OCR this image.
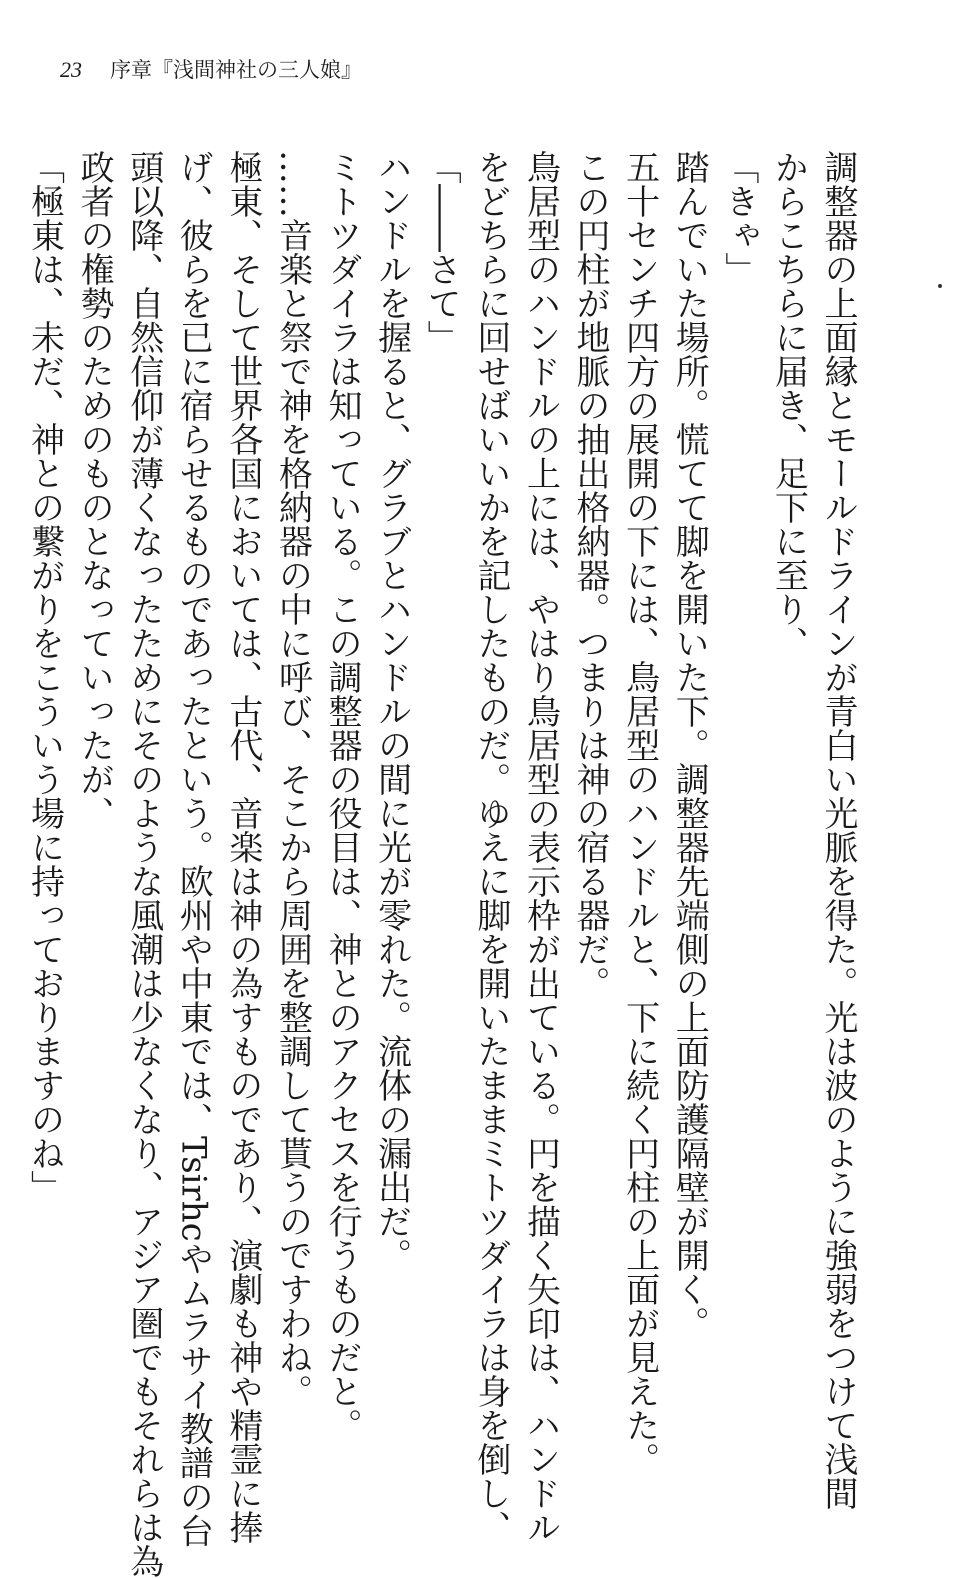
23 序章『浅間神社の三人娘』
調整器の上面縁とモールドラインが青白い光脈を得た。光は波のように強弱をつけて浅間
からこちらに届き、足下に至り、
「きゃ」
踏んでいた場所。慌てて脚を開いた下。調整器先端側の上面防護隔壁が開く。
五十センチ四方の展開の下には、鳥居型のハンドルと、下に続く円柱の上面が見えた。
この円柱が地脈の抽出格納器。つまりは神の宿る器だ。
鳥居型のハンドルの上には、やはり鳥居型の表示枠が出ている。円を描く矢印は、ハンドル
をどちらに回せばいいかを記したものだ。ゆえに脚を開いたままミトツダイラは身を倒し、
「――さて」
ハンドルを握ると、グラブとハンドルの間に光が零れた。流体の漏出だ。
ミトツダイラは知っている。この調整器の役目は、神とのアクセスを行うものだと。
……音楽と祭で神を格納器の中に呼び、そこから周囲を整調して貰うのですわね。
極東、そして世界各国においては、古代、音楽は神の為すものであり、演劇も神や精霊に捧
げ、彼らを已に宿らせるものであったという。欧州や中東では、Tsirhcやムラサイ教譜の台
頭以降、自然信仰が薄くなったためにそのような風潮は少なくなり、アジア圏でもそれらは為
政者の権勢のためのものとなっていったが、
「極東は、未だ、神との繋がりをこういう場に持っておりますのね」
